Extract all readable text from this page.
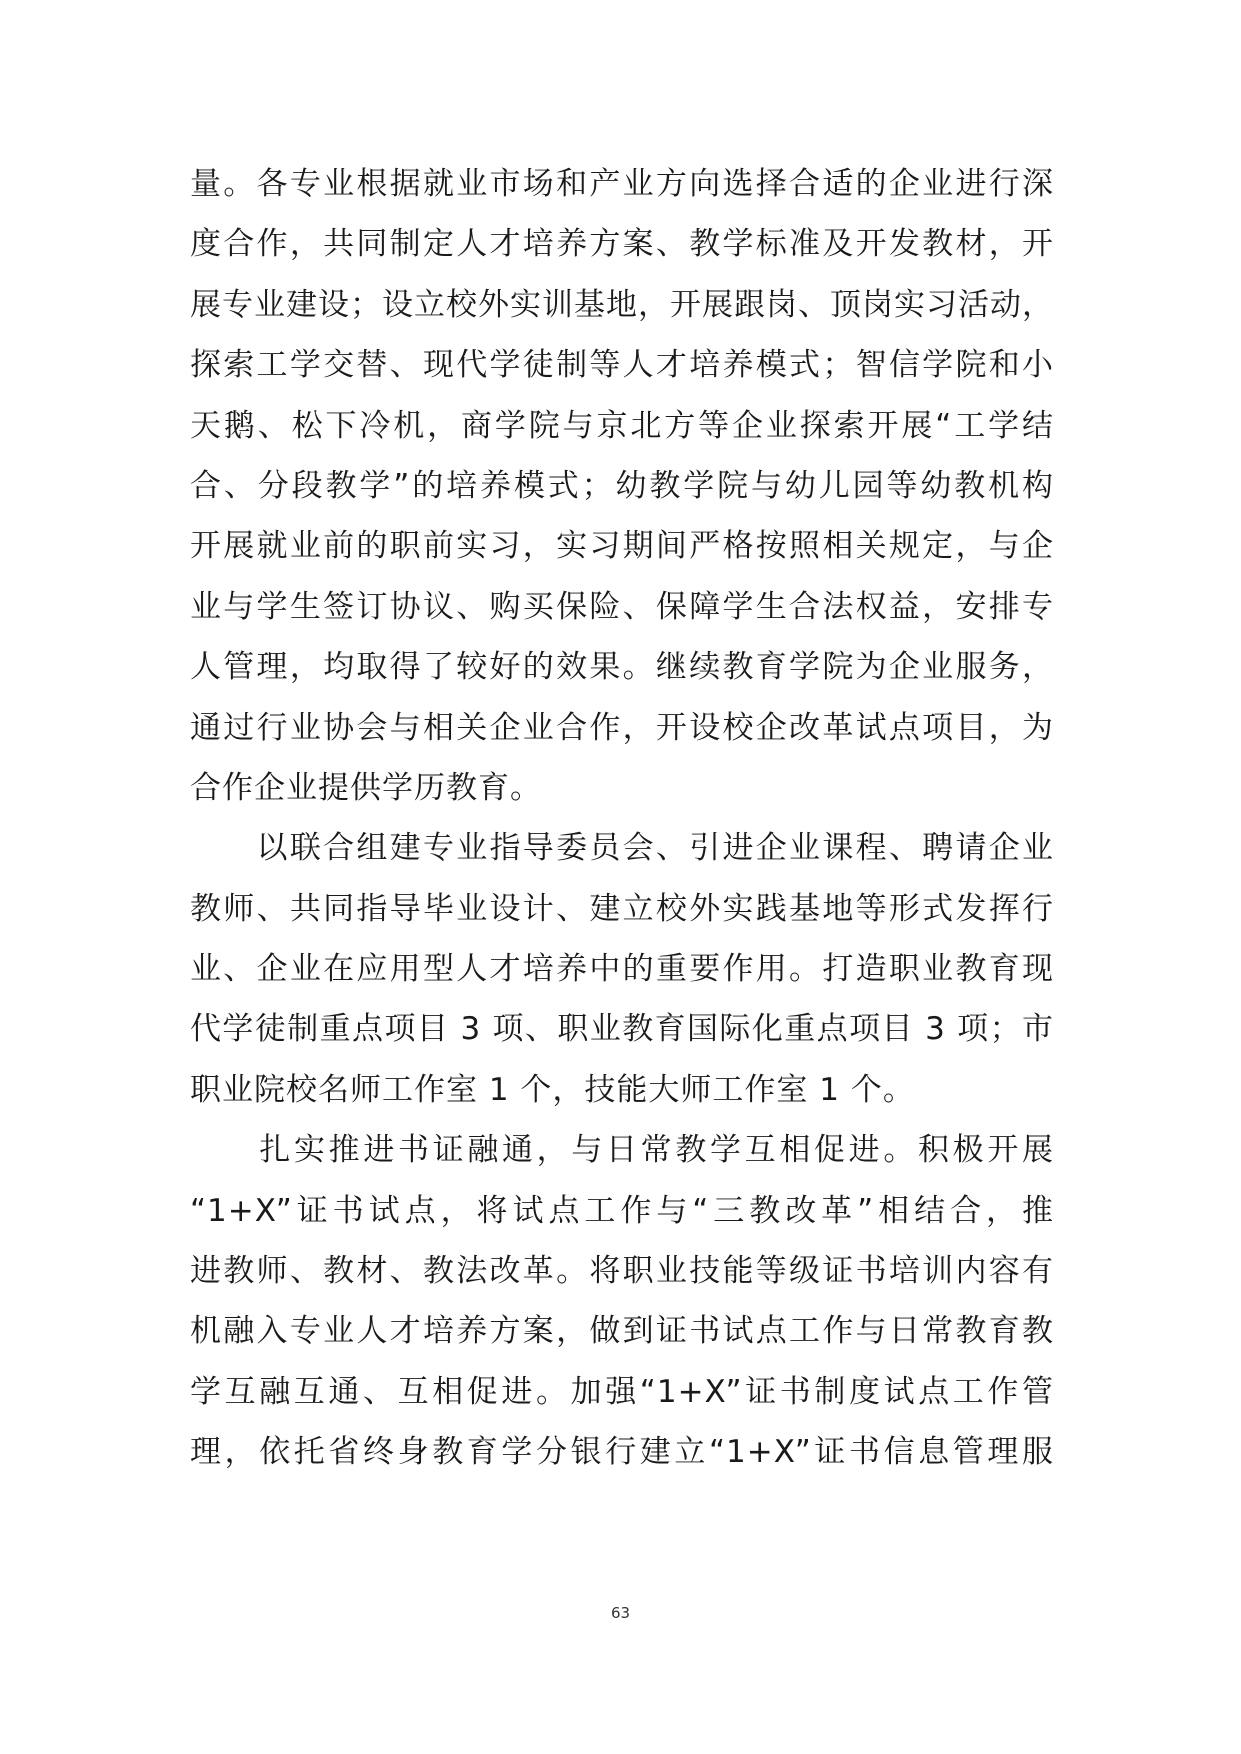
量。各专业根据就业市场和产业方向选择合适的企业进行深
度合作，共同制定人才培养方案、教学标准及开发教材，开
展专业建设；设立校外实训基地，开展跟岗、顶岗实习活动，
探索工学交替、现代学徒制等人才培养模式；智信学院和小
天鹅、松下冷机，商学院与京北方等企业探索开展“工学结
合、分段教学”的培养模式；幼教学院与幼儿园等幼教机构
开展就业前的职前实习，实习期间严格按照相关规定，与企
业与学生签订协议、购买保险、保障学生合法权益，安排专
人管理，均取得了较好的效果。继续教育学院为企业服务，
通过行业协会与相关企业合作，开设校企改革试点项目，为
合作企业提供学历教育。
　　以联合组建专业指导委员会、引进企业课程、聘请企业
教师、共同指导毕业设计、建立校外实践基地等形式发挥行
业、企业在应用型人才培养中的重要作用。打造职业教育现
代学徒制重点项目 3 项、职业教育国际化重点项目 3 项；市
职业院校名师工作室 1 个，技能大师工作室 1 个。
　　扎实推进书证融通，与日常教学互相促进。积极开展
“1+X”证书试点，将试点工作与“三教改革”相结合，推
进教师、教材、教法改革。将职业技能等级证书培训内容有
机融入专业人才培养方案，做到证书试点工作与日常教育教
学互融互通、互相促进。加强“1+X”证书制度试点工作管
理，依托省终身教育学分银行建立“1+X”证书信息管理服
63
